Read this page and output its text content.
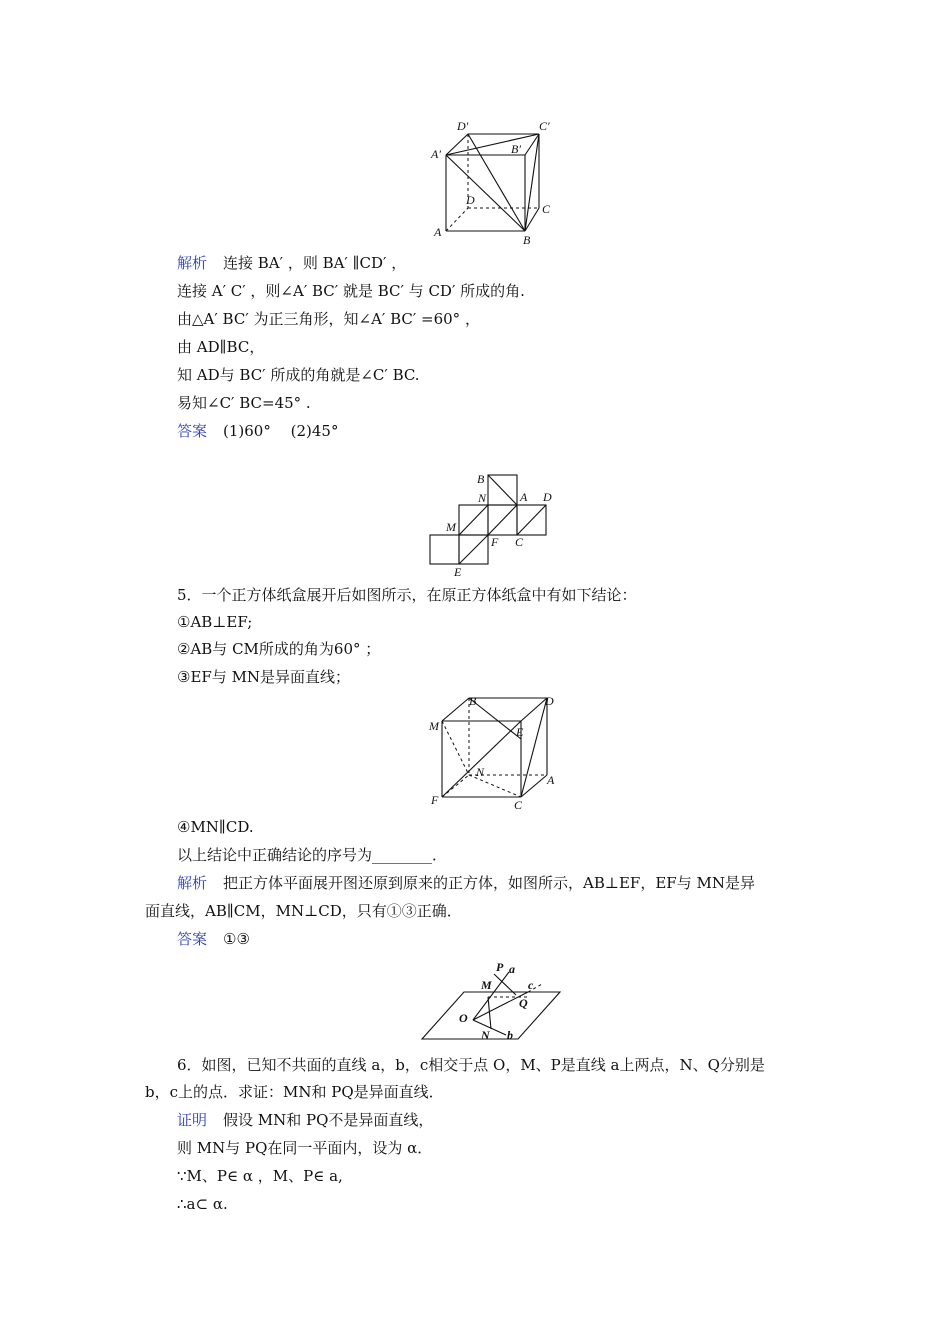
D′	C′
A′	B′
D
C
A
B
解析 连接 BA′ ，则 BA′ ∥CD′ ，
连接 A′ C′ ，则∠A′ BC′ 就是 BC′ 与 CD′ 所成的角.
由△A′ BC′ 为正三角形，知∠A′ BC′ =60° ，
由 AD∥BC，
知 AD与 BC′ 所成的角就是∠C′ BC.
易知∠C′ BC=45° .
答案 (1)60°　 (2)45°
B
N	A D
M
F C
E
5．一个正方体纸盒展开后如图所示，在原正方体纸盒中有如下结论：
①AB⊥EF;
②AB与 CM所成的角为60° ；
③EF与 MN是异面直线；
B	D
M	E
N
A
F	C
④MN∥CD.
以上结论中正确结论的序号为________．
解析 把正方体平面展开图还原到原来的正方体，如图所示，AB⊥EF，EF与 MN是异
面直线，AB∥CM，MN⊥CD，只有①③正确．
答案 ①③
P a
M	c
Q
O
N b
6．如图，已知不共面的直线 a，b，c相交于点 O，M、P是直线 a上两点，N、Q分别是
b，c上的点．求证：MN和 PQ是异面直线．
证明 假设 MN和 PQ不是异面直线，
则 MN与 PQ在同一平面内，设为 α．
∵M、P∈ α ，M、P∈ a,
∴a⊂ α.
